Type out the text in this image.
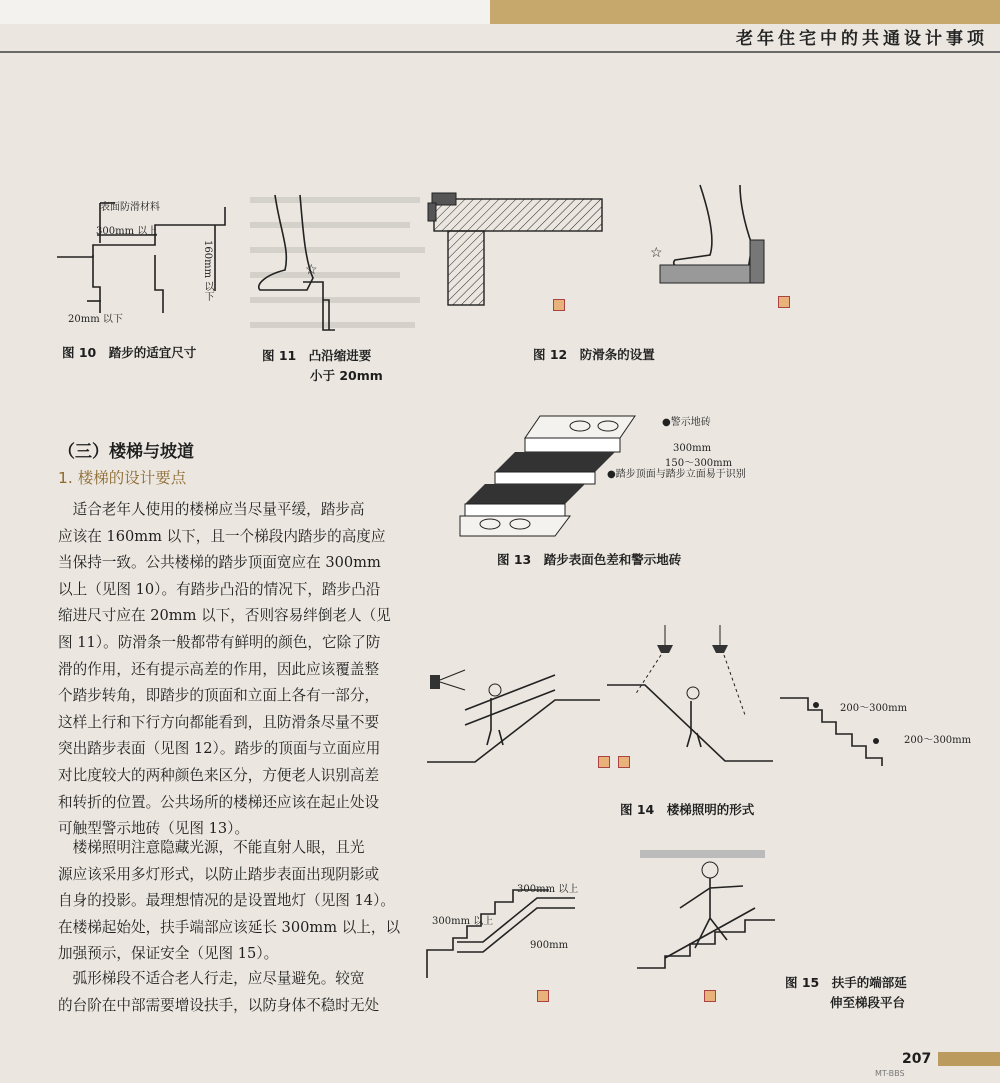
老年住宅中的共通设计事项
表面防滑材料
300mm 以上
160mm 以下
20mm 以下
图 10　踏步的适宜尺寸
☆
图 11　凸沿缩进要
小于 20mm
☆
图 12　防滑条的设置
●警示地砖
300mm
150～300mm
●踏步顶面与踏步立面易于识别
图 13　踏步表面色差和警示地砖
200～300mm
200～300mm
图 14　楼梯照明的形式
300mm 以上
300mm 以上
900mm
图 15　扶手的端部延
伸至梯段平台
（三）楼梯与坡道
1. 楼梯的设计要点
　适合老年人使用的楼梯应当尽量平缓，踏步高
应该在 160mm 以下，且一个梯段内踏步的高度应
当保持一致。公共楼梯的踏步顶面宽应在 300mm
以上（见图 10）。有踏步凸沿的情况下，踏步凸沿
缩进尺寸应在 20mm 以下，否则容易绊倒老人（见
图 11）。防滑条一般都带有鲜明的颜色，它除了防
滑的作用，还有提示高差的作用，因此应该覆盖整
个踏步转角，即踏步的顶面和立面上各有一部分，
这样上行和下行方向都能看到，且防滑条尽量不要
突出踏步表面（见图 12）。踏步的顶面与立面应用
对比度较大的两种颜色来区分，方便老人识别高差
和转折的位置。公共场所的楼梯还应该在起止处设
可触型警示地砖（见图 13）。
　楼梯照明注意隐藏光源，不能直射人眼，且光
源应该采用多灯形式，以防止踏步表面出现阴影或
自身的投影。最理想情况的是设置地灯（见图 14）。
在楼梯起始处，扶手端部应该延长 300mm 以上，以
加强预示，保证安全（见图 15）。
　弧形梯段不适合老人行走，应尽量避免。较宽
的台阶在中部需要增设扶手，以防身体不稳时无处
207
MT-BBS
